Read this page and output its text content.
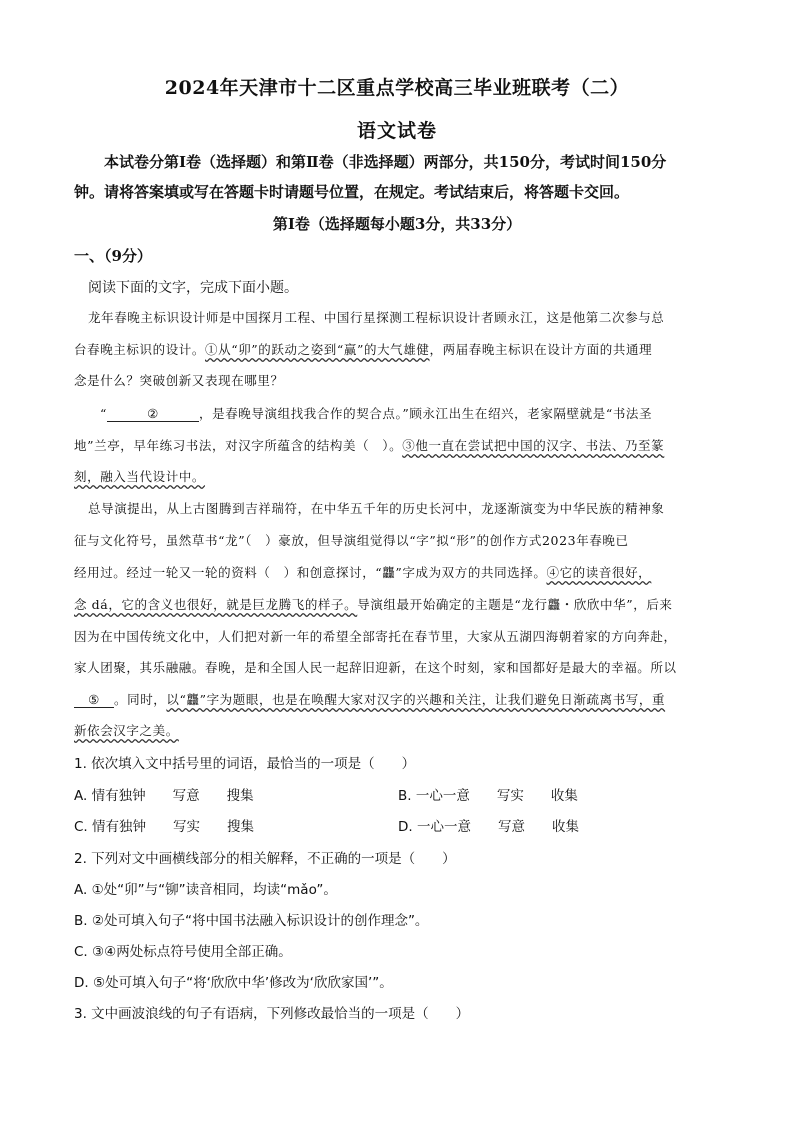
2024年天津市十二区重点学校高三毕业班联考（二）
语文试卷
本试卷分第Ⅰ卷（选择题）和第Ⅱ卷（非选择题）两部分，共150分，考试时间150分
钟。请将答案填或写在答题卡时请题号位置，在规定。考试结束后，将答题卡交回。
第Ⅰ卷（选择题每小题3分，共33分）
一、（9分）
阅读下面的文字，完成下面小题。
龙年春晚主标识设计师是中国探月工程、中国行星探测工程标识设计者顾永江，这是他第二次参与总
台春晚主标识的设计。①从“卯”的跃动之姿到“赢”的大气雄健，两届春晚主标识在设计方面的共通理
念是什么？突破创新又表现在哪里？
“	②	，是春晚导演组找我合作的契合点。”顾永江出生在绍兴，老家隔壁就是“书法圣
地”兰亭，早年练习书法，对汉字所蕴含的结构美（　）。③他一直在尝试把中国的汉字、书法、乃至篆
刻，融入当代设计中。
总导演提出，从上古图腾到吉祥瑞符，在中华五千年的历史长河中，龙逐渐演变为中华民族的精神象
征与文化符号，虽然草书“龙”（　）豪放，但导演组觉得以“字”拟“形”的创作方式2023年春晚已
经用过。经过一轮又一轮的资料（　）和创意探讨，“龘”字成为双方的共同选择。④它的读音很好，
念 dá，它的含义也很好，就是巨龙腾飞的样子。导演组最开始确定的主题是“龙行龘・欣欣中华”，后来
因为在中国传统文化中，人们把对新一年的希望全部寄托在春节里，大家从五湖四海朝着家的方向奔赴，
家人团聚，其乐融融。春晚，是和全国人民一起辞旧迎新，在这个时刻，家和国都好是最大的幸福。所以
⑤ 。同时，以“龘”字为题眼，也是在唤醒大家对汉字的兴趣和关注，让我们避免日渐疏离书写，重
新依会汉字之美。
1. 依次填入文中括号里的词语，最恰当的一项是（　　）
A. 情有独钟　　写意　　搜集	B. 一心一意　　写实　　收集
C. 情有独钟　　写实　　搜集	D. 一心一意　　写意　　收集
2. 下列对文中画横线部分的相关解释，不正确的一项是（　　）
A. ①处“卯”与“铆”读音相同，均读“mǎo”。
B. ②处可填入句子“将中国书法融入标识设计的创作理念”。
C. ③④两处标点符号使用全部正确。
D. ⑤处可填入句子“将‘欣欣中华’修改为‘欣欣家国’”。
3. 文中画波浪线的句子有语病，下列修改最恰当的一项是（　　）
